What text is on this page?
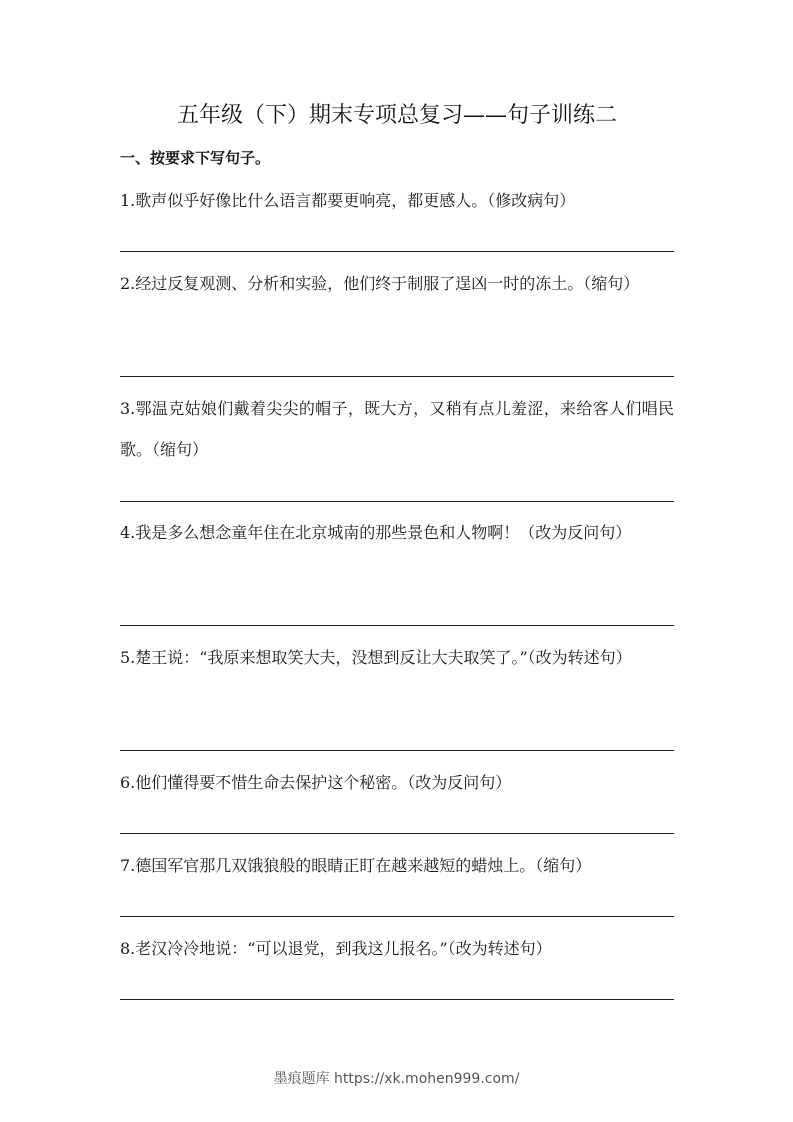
五年级（下）期末专项总复习——句子训练二
一、按要求下写句子。
1.歌声似乎好像比什么语言都要更响亮，都更感人。（修改病句）
2.经过反复观测、分析和实验，他们终于制服了逞凶一时的冻土。（缩句）
3.鄂温克姑娘们戴着尖尖的帽子，既大方，又稍有点儿羞涩，来给客人们唱民歌。（缩句）
4.我是多么想念童年住在北京城南的那些景色和人物啊！（改为反问句）
5.楚王说：“我原来想取笑大夫，没想到反让大夫取笑了。”（改为转述句）
6.他们懂得要不惜生命去保护这个秘密。（改为反问句）
7.德国军官那几双饿狼般的眼睛正盯在越来越短的蜡烛上。（缩句）
8.老汉冷冷地说：“可以退党，到我这儿报名。”（改为转述句）
墨痕题库 https://xk.mohen999.com/
